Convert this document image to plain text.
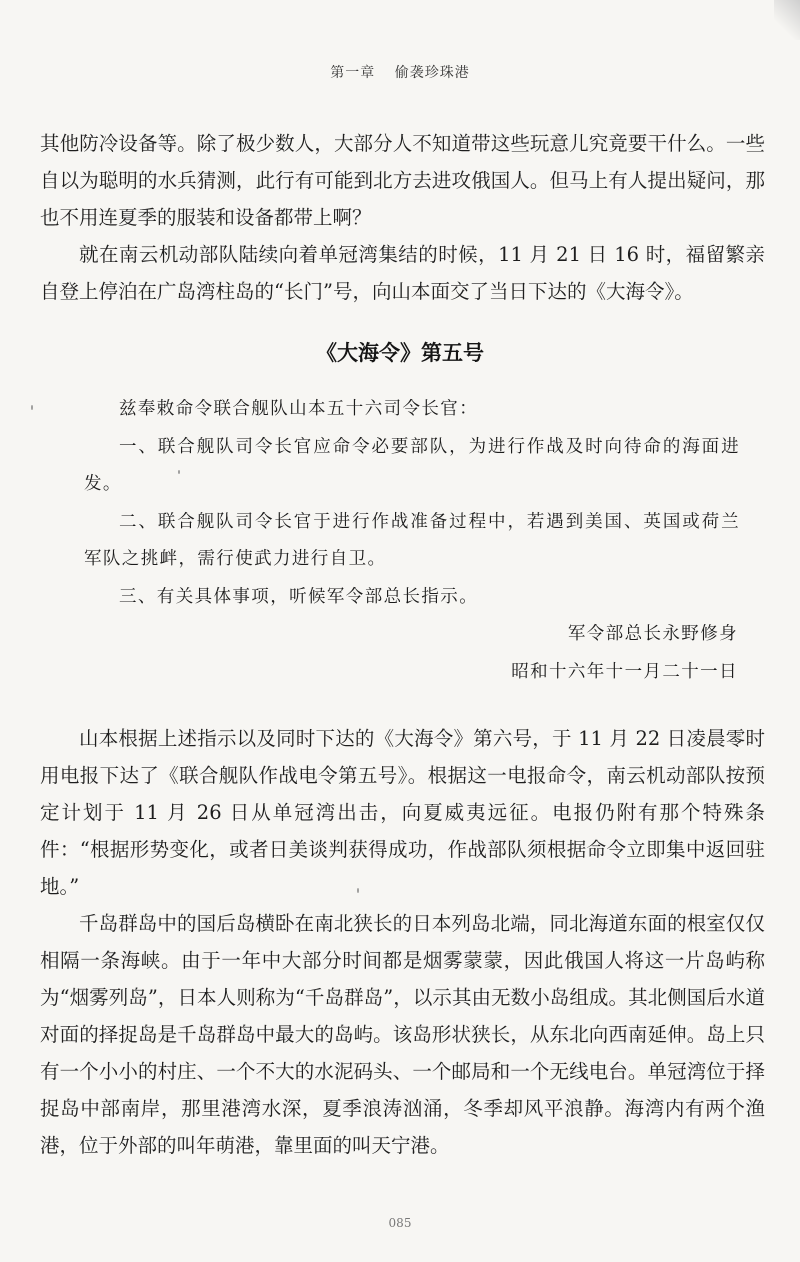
第一章 偷袭珍珠港

其他防冷设备等。除了极少数人，大部分人不知道带这些玩意儿究竟要干什么。一些自以为聪明的水兵猜测，此行有可能到北方去进攻俄国人。但马上有人提出疑问，那也不用连夏季的服装和设备都带上啊？

就在南云机动部队陆续向着单冠湾集结的时候，11 月 21 日 16 时，福留繁亲自登上停泊在广岛湾柱岛的“长门”号，向山本面交了当日下达的《大海令》。

《大海令》第五号

兹奉敕命令联合舰队山本五十六司令长官：

一、联合舰队司令长官应命令必要部队，为进行作战及时向待命的海面进发。

二、联合舰队司令长官于进行作战准备过程中，若遇到美国、英国或荷兰军队之挑衅，需行使武力进行自卫。

三、有关具体事项，听候军令部总长指示。

军令部总长永野修身

昭和十六年十一月二十一日

山本根据上述指示以及同时下达的《大海令》第六号，于 11 月 22 日凌晨零时用电报下达了《联合舰队作战电令第五号》。根据这一电报命令，南云机动部队按预定计划于 11 月 26 日从单冠湾出击，向夏威夷远征。电报仍附有那个特殊条件：“根据形势变化，或者日美谈判获得成功，作战部队须根据命令立即集中返回驻地。”

千岛群岛中的国后岛横卧在南北狭长的日本列岛北端，同北海道东面的根室仅仅相隔一条海峡。由于一年中大部分时间都是烟雾蒙蒙，因此俄国人将这一片岛屿称为“烟雾列岛”，日本人则称为“千岛群岛”，以示其由无数小岛组成。其北侧国后水道对面的择捉岛是千岛群岛中最大的岛屿。该岛形状狭长，从东北向西南延伸。岛上只有一个小小的村庄、一个不大的水泥码头、一个邮局和一个无线电台。单冠湾位于择捉岛中部南岸，那里港湾水深，夏季浪涛汹涌，冬季却风平浪静。海湾内有两个渔港，位于外部的叫年萌港，靠里面的叫天宁港。

085
